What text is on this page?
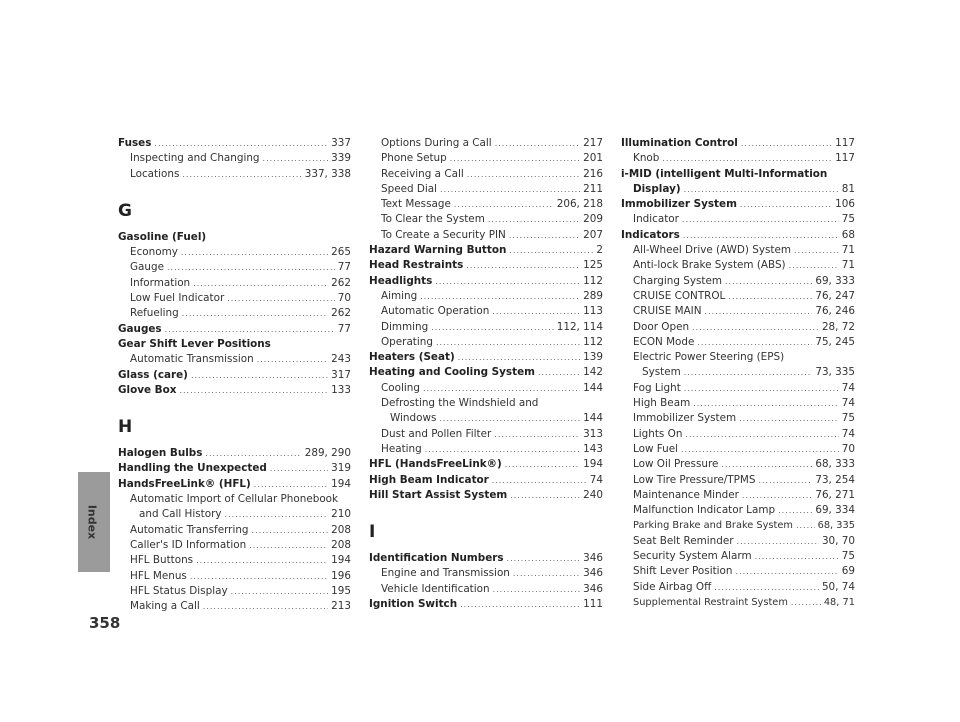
Index
358
Fuses .....	337
Inspecting and Changing .....	339
Locations .....	337, 338
G
Gasoline (Fuel)
Economy .....	265
Gauge .....	77
Information .....	262
Low Fuel Indicator .....	70
Refueling .....	262
Gauges .....	77
Gear Shift Lever Positions
Automatic Transmission .....	243
Glass (care) .....	317
Glove Box .....	133
H
Halogen Bulbs .....	289, 290
Handling the Unexpected .....	319
HandsFreeLink® (HFL) .....	194
Automatic Import of Cellular Phonebook
and Call History .....	210
Automatic Transferring .....	208
Caller's ID Information .....	208
HFL Buttons .....	194
HFL Menus .....	196
HFL Status Display .....	195
Making a Call .....	213
Options During a Call .....	217
Phone Setup .....	201
Receiving a Call .....	216
Speed Dial .....	211
Text Message .....	206, 218
To Clear the System .....	209
To Create a Security PIN .....	207
Hazard Warning Button .....	2
Head Restraints .....	125
Headlights .....	112
Aiming .....	289
Automatic Operation .....	113
Dimming .....	112, 114
Operating .....	112
Heaters (Seat) .....	139
Heating and Cooling System .....	142
Cooling .....	144
Defrosting the Windshield and
Windows .....	144
Dust and Pollen Filter .....	313
Heating .....	143
HFL (HandsFreeLink®) .....	194
High Beam Indicator .....	74
Hill Start Assist System .....	240
I
Identification Numbers .....	346
Engine and Transmission .....	346
Vehicle Identification .....	346
Ignition Switch .....	111
Illumination Control .....	117
Knob .....	117
i-MID (intelligent Multi-Information
Display) .....	81
Immobilizer System .....	106
Indicator .....	75
Indicators .....	68
All-Wheel Drive (AWD) System .....	71
Anti-lock Brake System (ABS) .....	71
Charging System .....	69, 333
CRUISE CONTROL .....	76, 247
CRUISE MAIN .....	76, 246
Door Open .....	28, 72
ECON Mode .....	75, 245
Electric Power Steering (EPS)
System .....	73, 335
Fog Light .....	74
High Beam .....	74
Immobilizer System .....	75
Lights On .....	74
Low Fuel .....	70
Low Oil Pressure .....	68, 333
Low Tire Pressure/TPMS .....	73, 254
Maintenance Minder .....	76, 271
Malfunction Indicator Lamp .....	69, 334
Parking Brake and Brake System .....	68, 335
Seat Belt Reminder .....	30, 70
Security System Alarm .....	75
Shift Lever Position .....	69
Side Airbag Off .....	50, 74
Supplemental Restraint System .....	48, 71
